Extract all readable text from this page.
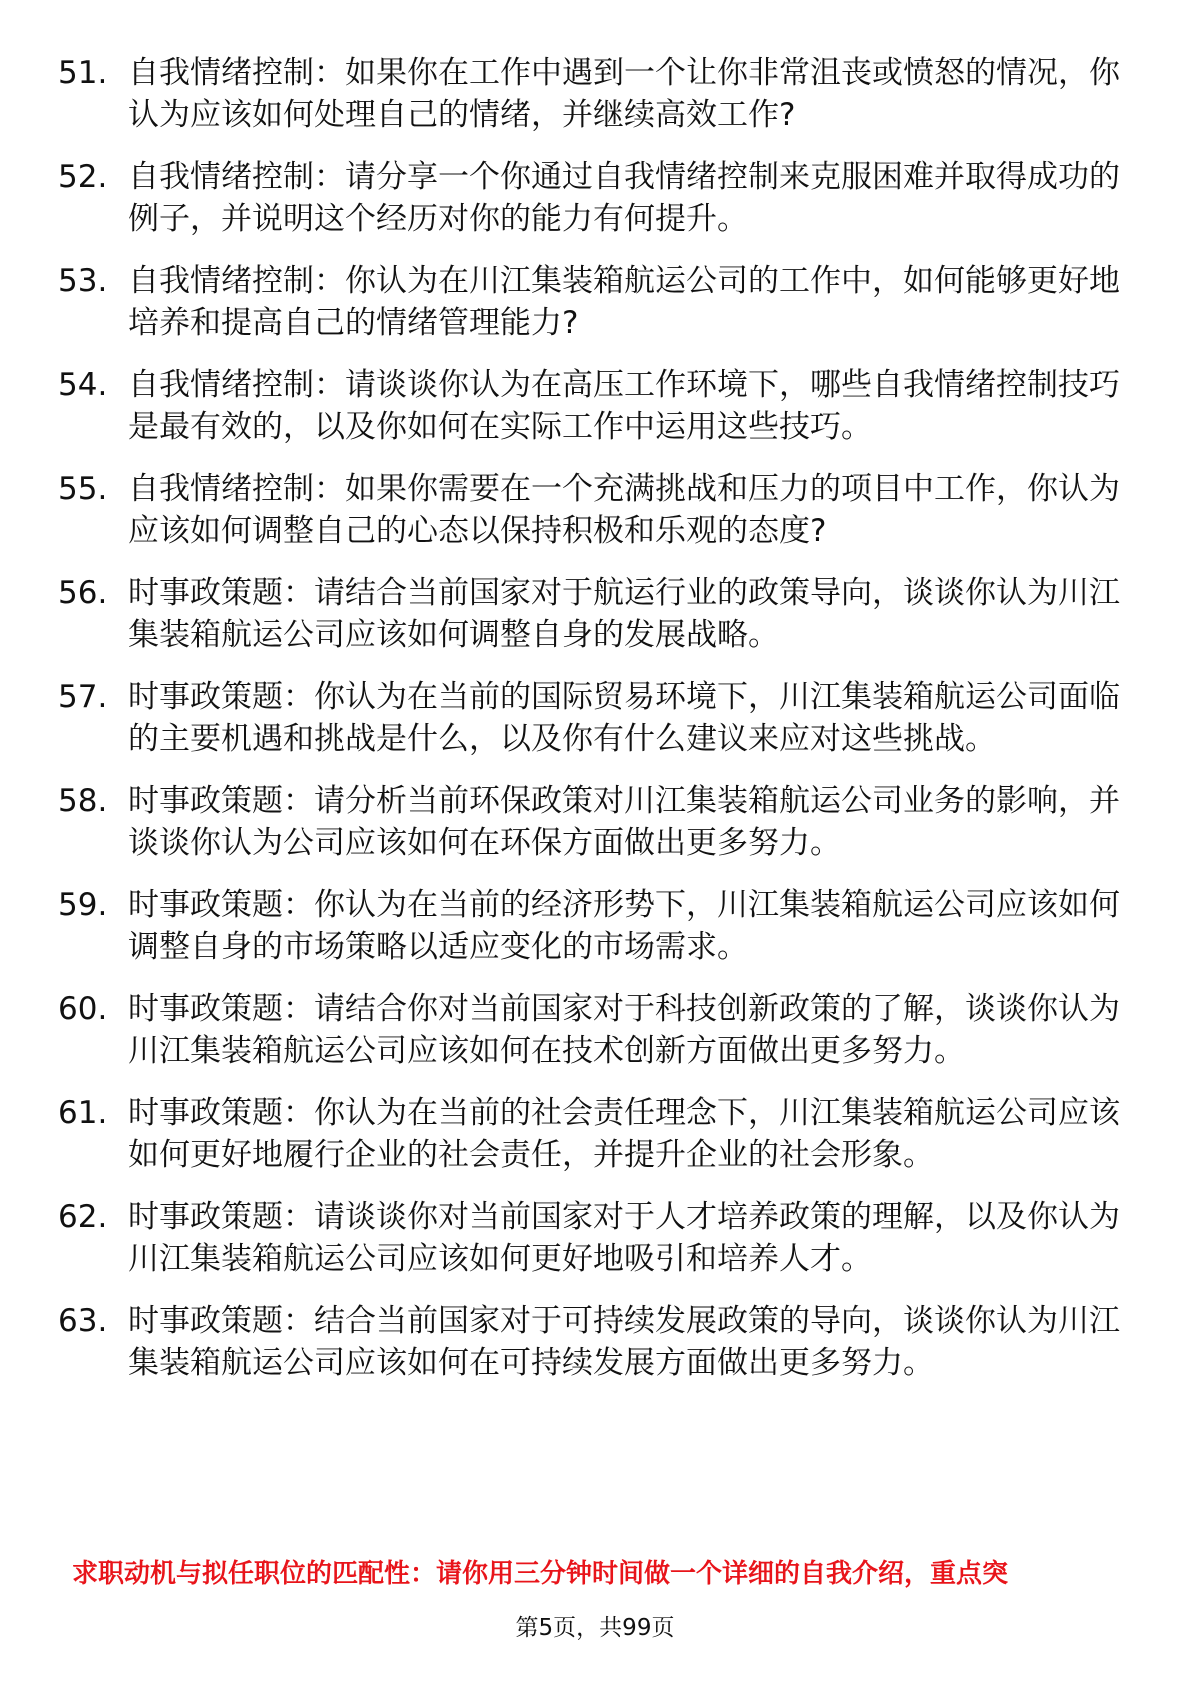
51. 自我情绪控制：如果你在工作中遇到一个让你非常沮丧或愤怒的情况，你认为应该如何处理自己的情绪，并继续高效工作?
52. 自我情绪控制：请分享一个你通过自我情绪控制来克服困难并取得成功的例子，并说明这个经历对你的能力有何提升。
53. 自我情绪控制：你认为在川江集装箱航运公司的工作中，如何能够更好地培养和提高自己的情绪管理能力?
54. 自我情绪控制：请谈谈你认为在高压工作环境下，哪些自我情绪控制技巧是最有效的，以及你如何在实际工作中运用这些技巧。
55. 自我情绪控制：如果你需要在一个充满挑战和压力的项目中工作，你认为应该如何调整自己的心态以保持积极和乐观的态度?
56. 时事政策题：请结合当前国家对于航运行业的政策导向，谈谈你认为川江集装箱航运公司应该如何调整自身的发展战略。
57. 时事政策题：你认为在当前的国际贸易环境下，川江集装箱航运公司面临的主要机遇和挑战是什么，以及你有什么建议来应对这些挑战。
58. 时事政策题：请分析当前环保政策对川江集装箱航运公司业务的影响，并谈谈你认为公司应该如何在环保方面做出更多努力。
59. 时事政策题：你认为在当前的经济形势下，川江集装箱航运公司应该如何调整自身的市场策略以适应变化的市场需求。
60. 时事政策题：请结合你对当前国家对于科技创新政策的了解，谈谈你认为川江集装箱航运公司应该如何在技术创新方面做出更多努力。
61. 时事政策题：你认为在当前的社会责任理念下，川江集装箱航运公司应该如何更好地履行企业的社会责任，并提升企业的社会形象。
62. 时事政策题：请谈谈你对当前国家对于人才培养政策的理解，以及你认为川江集装箱航运公司应该如何更好地吸引和培养人才。
63. 时事政策题：结合当前国家对于可持续发展政策的导向，谈谈你认为川江集装箱航运公司应该如何在可持续发展方面做出更多努力。
求职动机与拟任职位的匹配性：请你用三分钟时间做一个详细的自我介绍，重点突
第5页，共99页
